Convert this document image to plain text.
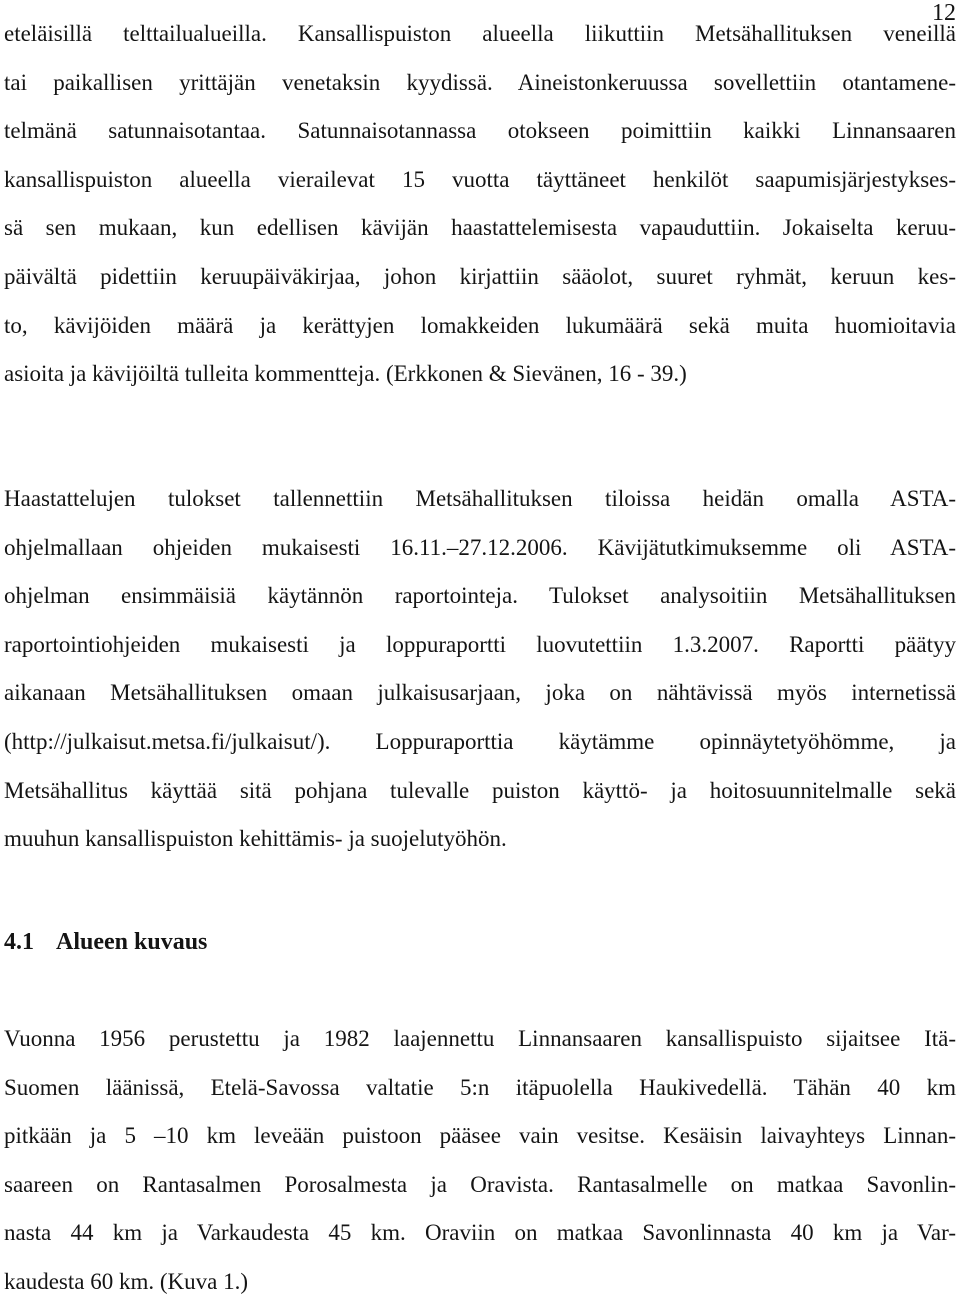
12
eteläisillä telttailualueilla. Kansallispuiston alueella liikuttiin Metsähallituksen veneillä
tai paikallisen yrittäjän venetaksin kyydissä. Aineistonkeruussa sovellettiin otantamene-
telmänä satunnaisotantaa. Satunnaisotannassa otokseen poimittiin kaikki Linnansaaren
kansallispuiston alueella vierailevat 15 vuotta täyttäneet henkilöt saapumisjärjestykses-
sä sen mukaan, kun edellisen kävijän haastattelemisesta vapauduttiin. Jokaiselta keruu-
päivältä pidettiin keruupäiväkirjaa, johon kirjattiin sääolot, suuret ryhmät, keruun kes-
to, kävijöiden määrä ja kerättyjen lomakkeiden lukumäärä sekä muita huomioitavia
asioita ja kävijöiltä tulleita kommentteja. (Erkkonen & Sievänen, 16 - 39.)
Haastattelujen tulokset tallennettiin Metsähallituksen tiloissa heidän omalla ASTA-
ohjelmallaan ohjeiden mukaisesti 16.11.–27.12.2006. Kävijätutkimuksemme oli ASTA-
ohjelman ensimmäisiä käytännön raportointeja. Tulokset analysoitiin Metsähallituksen
raportointiohjeiden mukaisesti ja loppuraportti luovutettiin 1.3.2007. Raportti päätyy
aikanaan Metsähallituksen omaan julkaisusarjaan, joka on nähtävissä myös internetissä
(http://julkaisut.metsa.fi/julkaisut/). Loppuraporttia käytämme opinnäytetyöhömme, ja
Metsähallitus käyttää sitä pohjana tulevalle puiston käyttö- ja hoitosuunnitelmalle sekä
muuhun kansallispuiston kehittämis- ja suojelutyöhön.
4.1 Alueen kuvaus
Vuonna 1956 perustettu ja 1982 laajennettu Linnansaaren kansallispuisto sijaitsee Itä-
Suomen läänissä, Etelä-Savossa valtatie 5:n itäpuolella Haukivedellä. Tähän 40 km
pitkään ja 5 –10 km leveään puistoon pääsee vain vesitse. Kesäisin laivayhteys Linnan-
saareen on Rantasalmen Porosalmesta ja Oravista. Rantasalmelle on matkaa Savonlin-
nasta 44 km ja Varkaudesta 45 km. Oraviin on matkaa Savonlinnasta 40 km ja Var-
kaudesta 60 km. (Kuva 1.)
